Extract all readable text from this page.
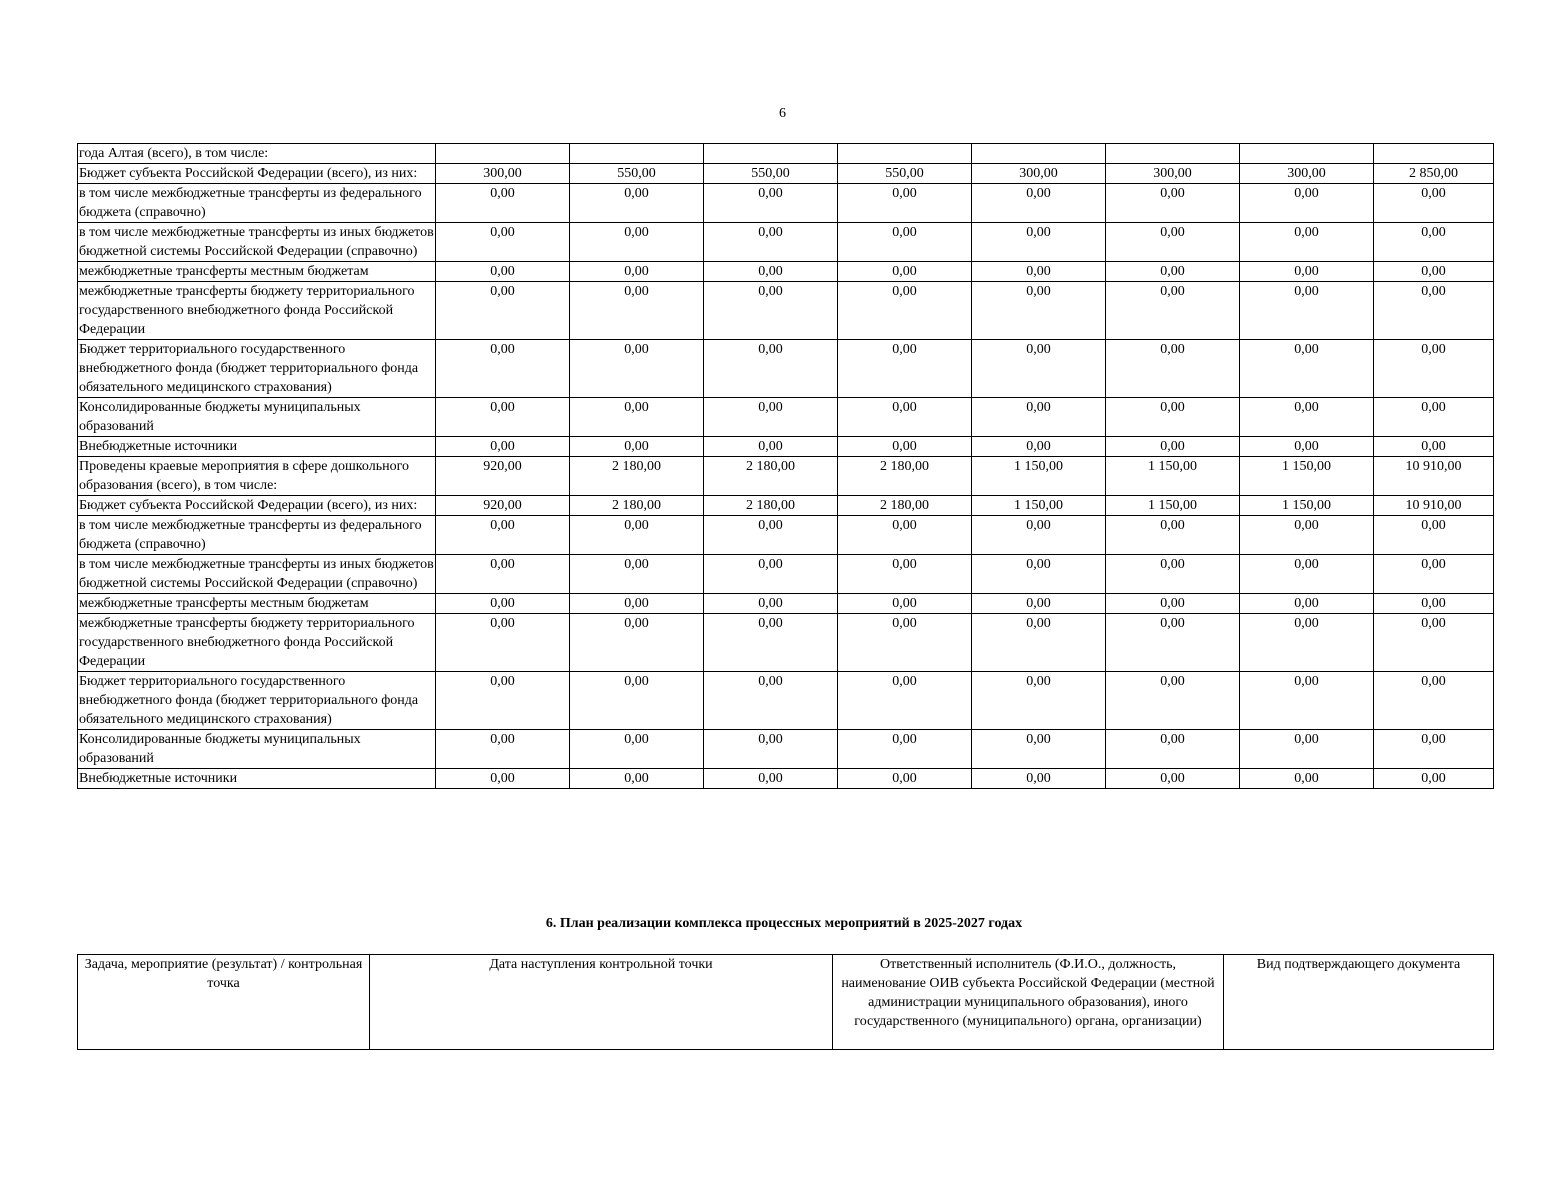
6
года Алтая (всего), в том числе:								
Бюджет субъекта Российской Федерации (всего), из них:	300,00	550,00	550,00	550,00	300,00	300,00	300,00	2 850,00
в том числе межбюджетные трансферты из федерального бюджета (справочно)	0,00	0,00	0,00	0,00	0,00	0,00	0,00	0,00
в том числе межбюджетные трансферты из иных бюджетов бюджетной системы Российской Федерации (справочно)	0,00	0,00	0,00	0,00	0,00	0,00	0,00	0,00
межбюджетные трансферты местным бюджетам	0,00	0,00	0,00	0,00	0,00	0,00	0,00	0,00
межбюджетные трансферты бюджету территориального государственного внебюджетного фонда Российской Федерации	0,00	0,00	0,00	0,00	0,00	0,00	0,00	0,00
Бюджет территориального государственного внебюджетного фонда (бюджет территориального фонда обязательного медицинского страхования)	0,00	0,00	0,00	0,00	0,00	0,00	0,00	0,00
Консолидированные бюджеты муниципальных образований	0,00	0,00	0,00	0,00	0,00	0,00	0,00	0,00
Внебюджетные источники	0,00	0,00	0,00	0,00	0,00	0,00	0,00	0,00
Проведены краевые мероприятия в сфере дошкольного образования (всего), в том числе:	920,00	2 180,00	2 180,00	2 180,00	1 150,00	1 150,00	1 150,00	10 910,00
Бюджет субъекта Российской Федерации (всего), из них:	920,00	2 180,00	2 180,00	2 180,00	1 150,00	1 150,00	1 150,00	10 910,00
в том числе межбюджетные трансферты из федерального бюджета (справочно)	0,00	0,00	0,00	0,00	0,00	0,00	0,00	0,00
в том числе межбюджетные трансферты из иных бюджетов бюджетной системы Российской Федерации (справочно)	0,00	0,00	0,00	0,00	0,00	0,00	0,00	0,00
межбюджетные трансферты местным бюджетам	0,00	0,00	0,00	0,00	0,00	0,00	0,00	0,00
межбюджетные трансферты бюджету территориального государственного внебюджетного фонда Российской Федерации	0,00	0,00	0,00	0,00	0,00	0,00	0,00	0,00
Бюджет территориального государственного внебюджетного фонда (бюджет территориального фонда обязательного медицинского страхования)	0,00	0,00	0,00	0,00	0,00	0,00	0,00	0,00
Консолидированные бюджеты муниципальных образований	0,00	0,00	0,00	0,00	0,00	0,00	0,00	0,00
Внебюджетные источники	0,00	0,00	0,00	0,00	0,00	0,00	0,00	0,00
6. План реализации комплекса процессных мероприятий в 2025-2027 годах
Задача, мероприятие (результат) / контрольная точка	Дата наступления контрольной точки	Ответственный исполнитель (Ф.И.О., должность, наименование ОИВ субъекта Российской Федерации (местной администрации муниципального образования), иного государственного (муниципального) органа, организации)	Вид подтверждающего документа
